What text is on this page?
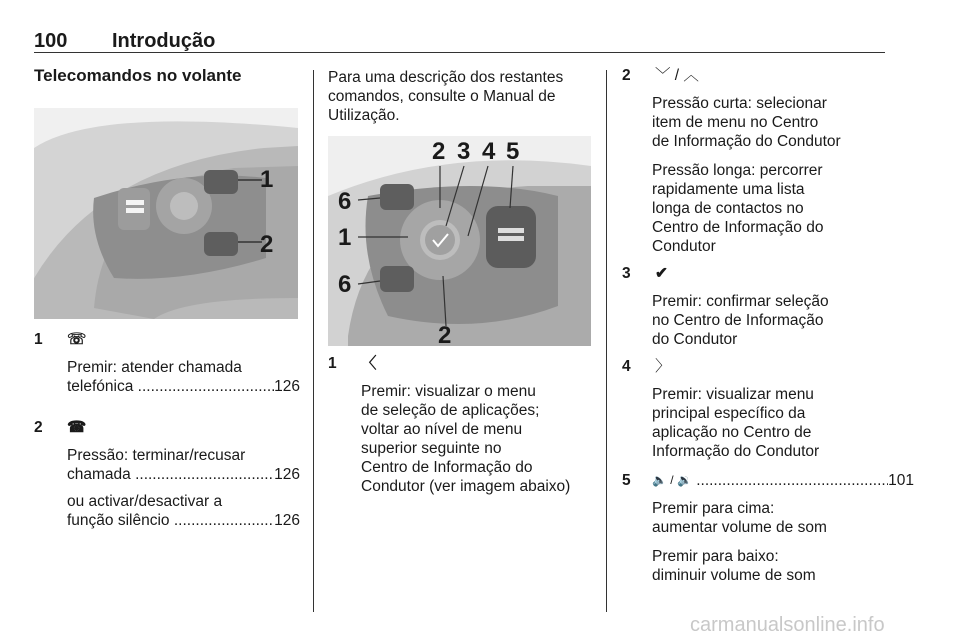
100 Introdução

Telecomandos no volante

1
2
1 ☏

Premir: atender chamada

telefónica
.....	126
2 ☎

Pressão: terminar/recusar

chamada
.....	126

ou activar/desactivar a

função silêncio
.....	126

Para uma descrição dos restantes

comandos, consulte o Manual de

Utilização.

2 3 4 5
6
1
6
2
1 〈

Premir: visualizar o menu

de seleção de aplicações;

voltar ao nível de menu

superior seguinte no

Centro de Informação do

Condutor (ver imagem abaixo)

2 ﹀ / ︿

Pressão curta: selecionar

item de menu no Centro

de Informação do Condutor

Pressão longa: percorrer

rapidamente uma lista

longa de contactos no

Centro de Informação do

Condutor

3 ✔

Premir: confirmar seleção

no Centro de Informação

do Condutor

4 〉

Premir: visualizar menu

principal específico da

aplicação no Centro de

Informação do Condutor

5 🔈 / 🔉
.....	101

Premir para cima:

aumentar volume de som

Premir para baixo:

diminuir volume de som

carmanualsonline.info
